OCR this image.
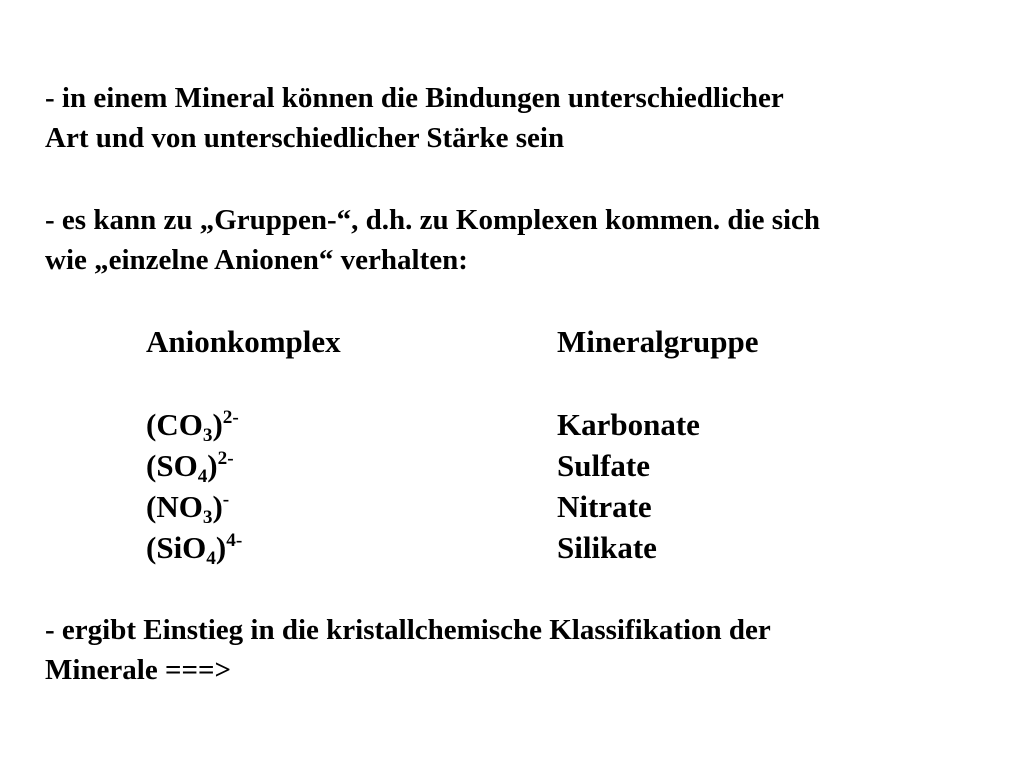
- in einem Mineral können die Bindungen unterschiedlicher
Art und von unterschiedlicher Stärke sein
- es kann zu „Gruppen-“, d.h. zu Komplexen kommen. die sich
wie „einzelne Anionen“ verhalten:
Anionkomplex	Mineralgruppe
$(CO_3)^{2-}$	Karbonate
$(SO_4)^{2-}$	Sulfate
$(NO_3)^-$	Nitrate
$(SiO_4)^{4-}$	Silikate
- ergibt Einstieg in die kristallchemische Klassifikation der
Minerale ===>
